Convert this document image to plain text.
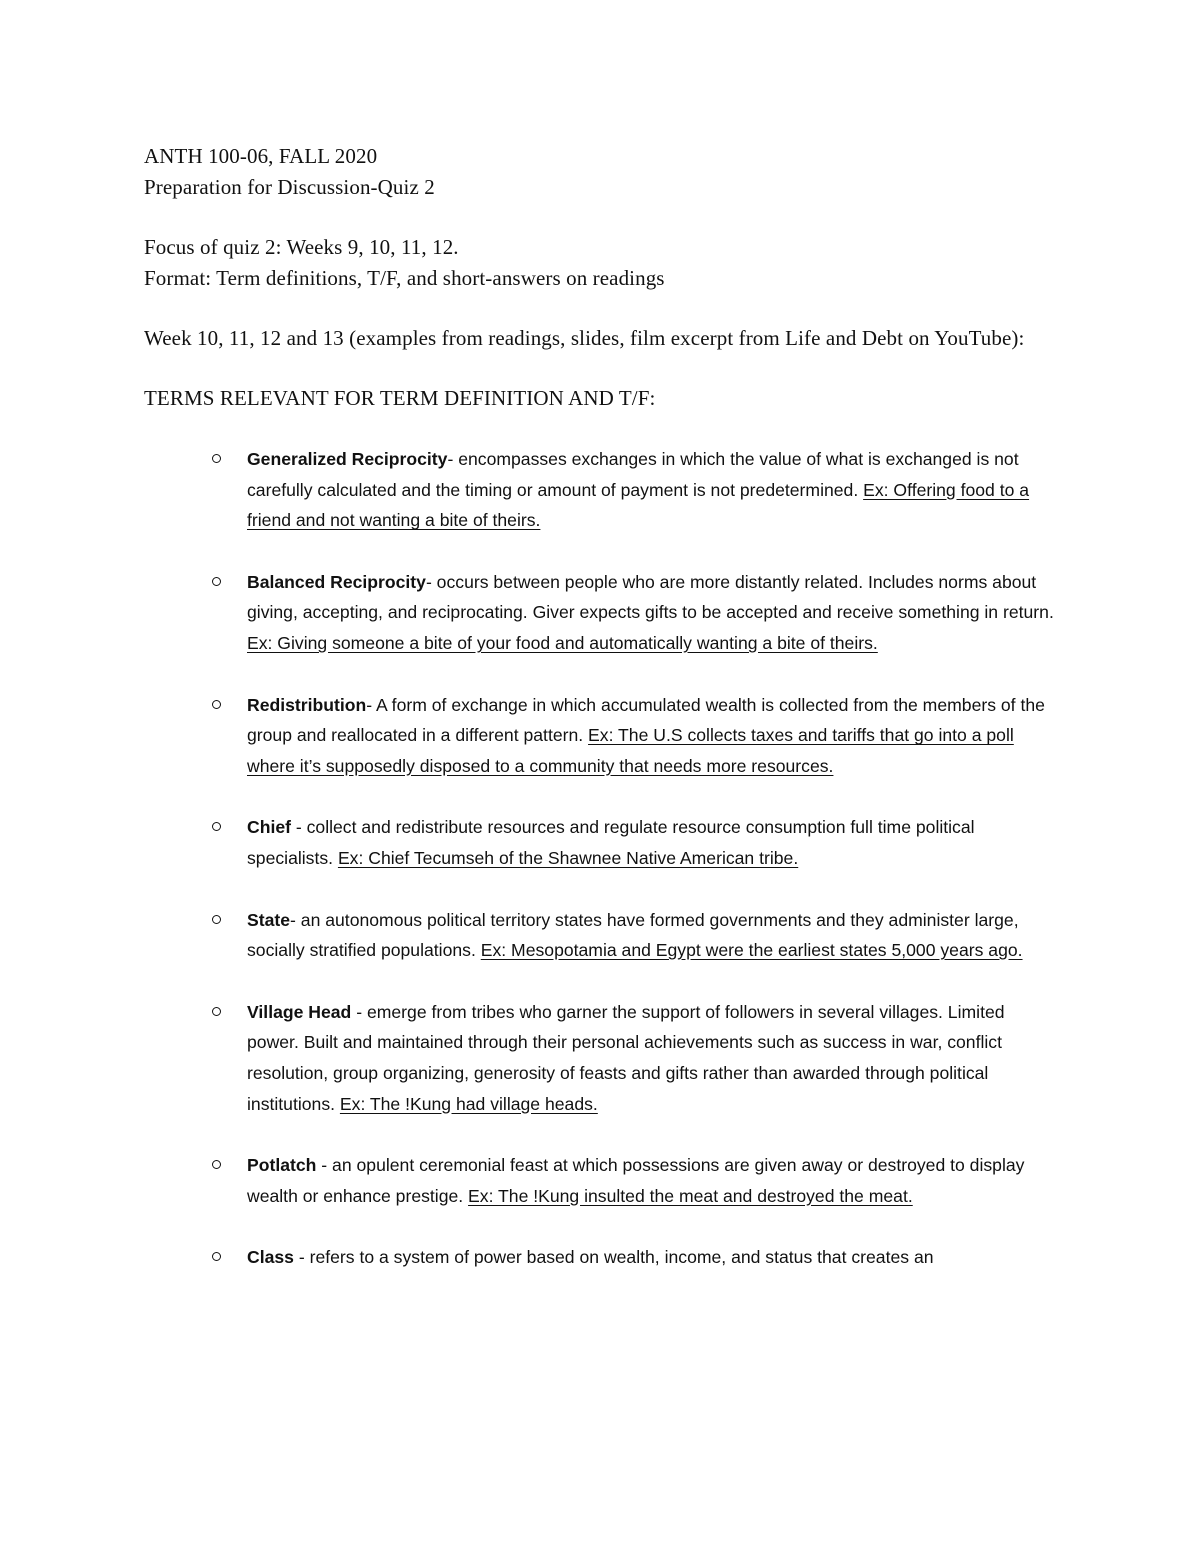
ANTH 100-06, FALL 2020
Preparation for Discussion-Quiz 2
Focus of quiz 2: Weeks 9, 10, 11, 12.
Format: Term definitions, T/F, and short-answers on readings
Week 10, 11, 12 and 13 (examples from readings, slides, film excerpt from Life and Debt on YouTube):
TERMS RELEVANT FOR TERM DEFINITION AND T/F:
Generalized Reciprocity- encompasses exchanges in which the value of what is exchanged is not carefully calculated and the timing or amount of payment is not predetermined. Ex: Offering food to a friend and not wanting a bite of theirs.
Balanced Reciprocity- occurs between people who are more distantly related. Includes norms about giving, accepting, and reciprocating. Giver expects gifts to be accepted and receive something in return. Ex: Giving someone a bite of your food and automatically wanting a bite of theirs.
Redistribution- A form of exchange in which accumulated wealth is collected from the members of the group and reallocated in a different pattern. Ex: The U.S collects taxes and tariffs that go into a poll where it’s supposedly disposed to a community that needs more resources.
Chief - collect and redistribute resources and regulate resource consumption full time political specialists. Ex: Chief Tecumseh of the Shawnee Native American tribe.
State- an autonomous political territory states have formed governments and they administer large, socially stratified populations. Ex: Mesopotamia and Egypt were the earliest states 5,000 years ago.
Village Head - emerge from tribes who garner the support of followers in several villages. Limited power. Built and maintained through their personal achievements such as success in war, conflict resolution, group organizing, generosity of feasts and gifts rather than awarded through political institutions. Ex: The !Kung had village heads.
Potlatch - an opulent ceremonial feast at which possessions are given away or destroyed to display wealth or enhance prestige. Ex: The !Kung insulted the meat and destroyed the meat.
Class - refers to a system of power based on wealth, income, and status that creates an
